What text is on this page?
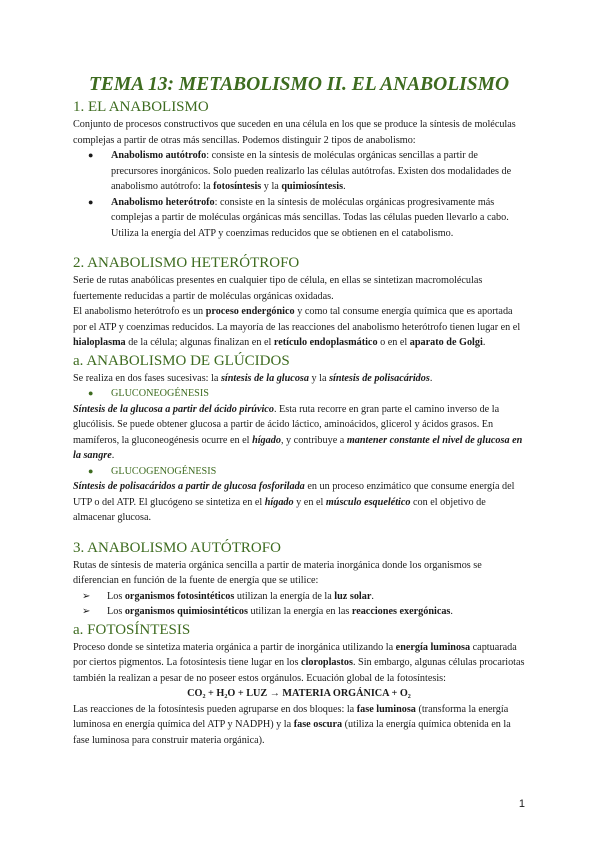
TEMA 13: METABOLISMO II. EL ANABOLISMO
1. EL ANABOLISMO

Conjunto de procesos constructivos que suceden en una célula en los que se produce la síntesis de moléculas complejas a partir de otras más sencillas. Podemos distinguir 2 tipos de anabolismo:

● Anabolismo autótrofo: consiste en la síntesis de moléculas orgánicas sencillas a partir de precursores inorgánicos. Solo pueden realizarlo las células autótrofas. Existen dos modalidades de anabolismo autótrofo: la fotosíntesis y la quimiosíntesis.
● Anabolismo heterótrofo: consiste en la síntesis de moléculas orgánicas progresivamente más complejas a partir de moléculas orgánicas más sencillas. Todas las células pueden llevarlo a cabo. Utiliza la energía del ATP y coenzimas reducidos que se obtienen en el catabolismo.
2. ANABOLISMO HETERÓTROFO

Serie de rutas anabólicas presentes en cualquier tipo de célula, en ellas se sintetizan macromoléculas fuertemente reducidas a partir de moléculas orgánicas oxidadas.

El anabolismo heterótrofo es un proceso endergónico y como tal consume energía química que es aportada por el ATP y coenzimas reducidos. La mayoría de las reacciones del anabolismo heterótrofo tienen lugar en el hialoplasma de la célula; algunas finalizan en el retículo endoplasmático o en el aparato de Golgi.

a. ANABOLISMO DE GLÚCIDOS

Se realiza en dos fases sucesivas: la síntesis de la glucosa y la síntesis de polisacáridos.

● GLUCONEOGÉNESIS

Síntesis de la glucosa a partir del ácido pirúvico. Esta ruta recorre en gran parte el camino inverso de la glucólisis. Se puede obtener glucosa a partir de ácido láctico, aminoácidos, glicerol y ácidos grasos. En mamíferos, la gluconeogénesis ocurre en el hígado, y contribuye a mantener constante el nivel de glucosa en la sangre.

● GLUCOGENOGÉNESIS

Síntesis de polisacáridos a partir de glucosa fosforilada en un proceso enzimático que consume energía del UTP o del ATP. El glucógeno se sintetiza en el hígado y en el músculo esquelético con el objetivo de almacenar glucosa.

3. ANABOLISMO AUTÓTROFO

Rutas de síntesis de materia orgánica sencilla a partir de materia inorgánica donde los organismos se diferencian en función de la fuente de energía que se utilice:

➢ Los organismos fotosintéticos utilizan la energía de la luz solar.
➢ Los organismos quimiosintéticos utilizan la energía en las reacciones exergónicas.
a. FOTOSÍNTESIS

Proceso donde se sintetiza materia orgánica a partir de inorgánica utilizando la energía luminosa captuarada por ciertos pigmentos. La fotosíntesis tiene lugar en los cloroplastos. Sin embargo, algunas células procariotas también la realizan a pesar de no poseer estos orgánulos. Ecuación global de la fotosíntesis:

CO₂ + H₂O + LUZ → MATERIA ORGÁNICA + O₂

Las reacciones de la fotosíntesis pueden agruparse en dos bloques: la fase luminosa (transforma la energía luminosa en energía química del ATP y NADPH) y la fase oscura (utiliza la energía química obtenida en la fase luminosa para construir materia orgánica).

1
